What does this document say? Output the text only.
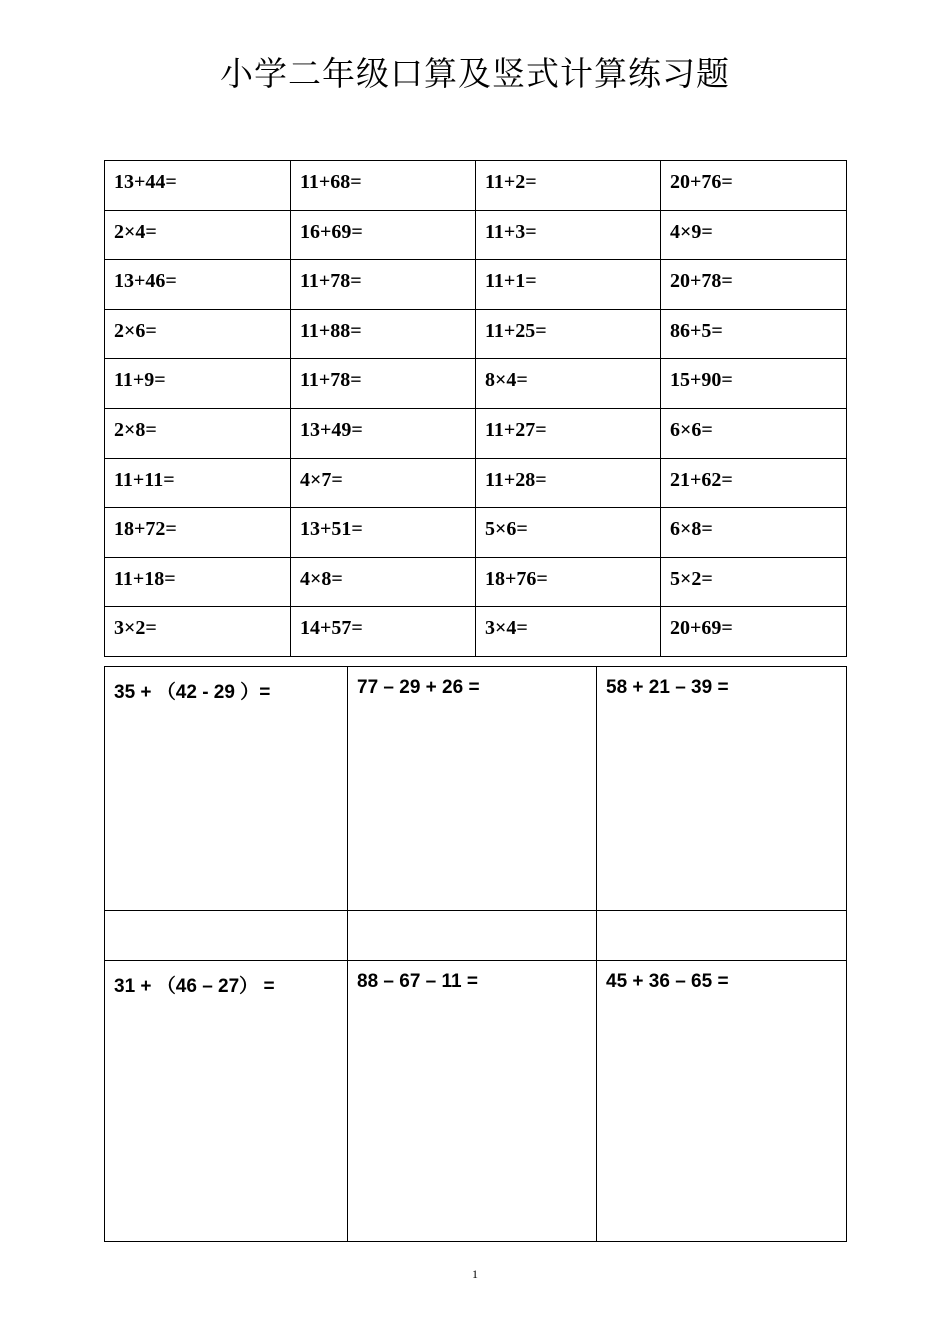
小学二年级口算及竖式计算练习题
13+44=	11+68=	11+2=	20+76=
2×4=	16+69=	11+3=	4×9=
13+46=	11+78=	11+1=	20+78=
2×6=	11+88=	11+25=	86+5=
11+9=	11+78=	8×4=	15+90=
2×8=	13+49=	11+27=	6×6=
11+11=	4×7=	11+28=	21+62=
18+72=	13+51=	5×6=	6×8=
11+18=	4×8=	18+76=	5×2=
3×2=	14+57=	3×4=	20+69=
35 + （42 - 29 ）=	77 – 29 + 26 =	58 + 21 – 39 =

31 + （46 – 27） =	88 – 67 – 11 =	45 + 36 – 65 =
1
